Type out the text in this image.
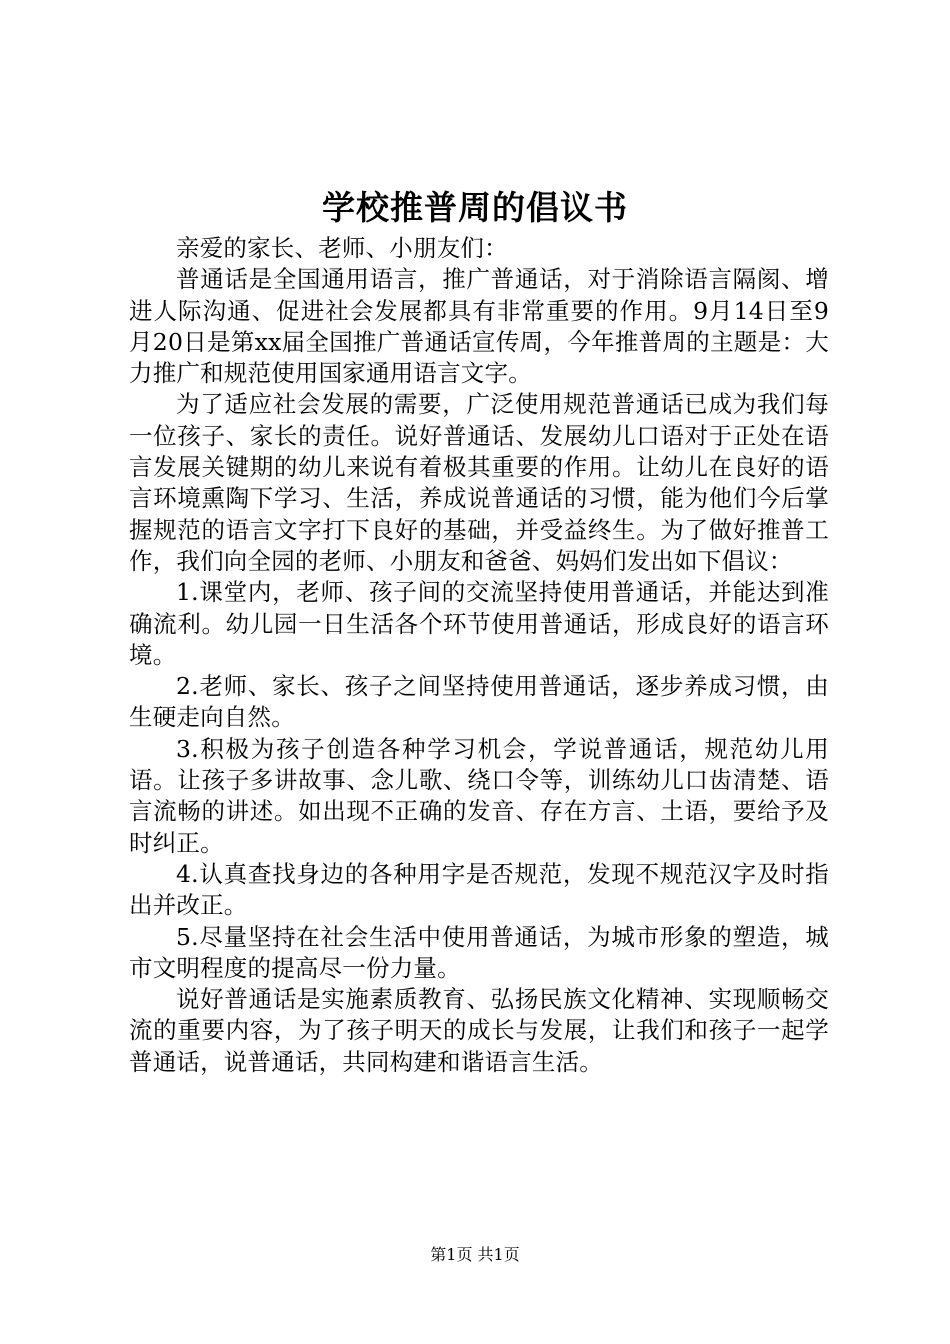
学校推普周的倡议书

亲爱的家长、老师、小朋友们：

普通话是全国通用语言，推广普通话，对于消除语言隔阂、增进人际沟通、促进社会发展都具有非常重要的作用。9月14日至9月20日是第xx届全国推广普通话宣传周，今年推普周的主题是：大力推广和规范使用国家通用语言文字。

为了适应社会发展的需要，广泛使用规范普通话已成为我们每一位孩子、家长的责任。说好普通话、发展幼儿口语对于正处在语言发展关键期的幼儿来说有着极其重要的作用。让幼儿在良好的语言环境熏陶下学习、生活，养成说普通话的习惯，能为他们今后掌握规范的语言文字打下良好的基础，并受益终生。为了做好推普工作，我们向全园的老师、小朋友和爸爸、妈妈们发出如下倡议：

1.课堂内，老师、孩子间的交流坚持使用普通话，并能达到准确流利。幼儿园一日生活各个环节使用普通话，形成良好的语言环境。

2.老师、家长、孩子之间坚持使用普通话，逐步养成习惯，由生硬走向自然。

3.积极为孩子创造各种学习机会，学说普通话，规范幼儿用语。让孩子多讲故事、念儿歌、绕口令等，训练幼儿口齿清楚、语言流畅的讲述。如出现不正确的发音、存在方言、土语，要给予及时纠正。

4.认真查找身边的各种用字是否规范，发现不规范汉字及时指出并改正。

5.尽量坚持在社会生活中使用普通话，为城市形象的塑造，城市文明程度的提高尽一份力量。

说好普通话是实施素质教育、弘扬民族文化精神、实现顺畅交流的重要内容，为了孩子明天的成长与发展，让我们和孩子一起学普通话，说普通话，共同构建和谐语言生活。

第1页 共1页
